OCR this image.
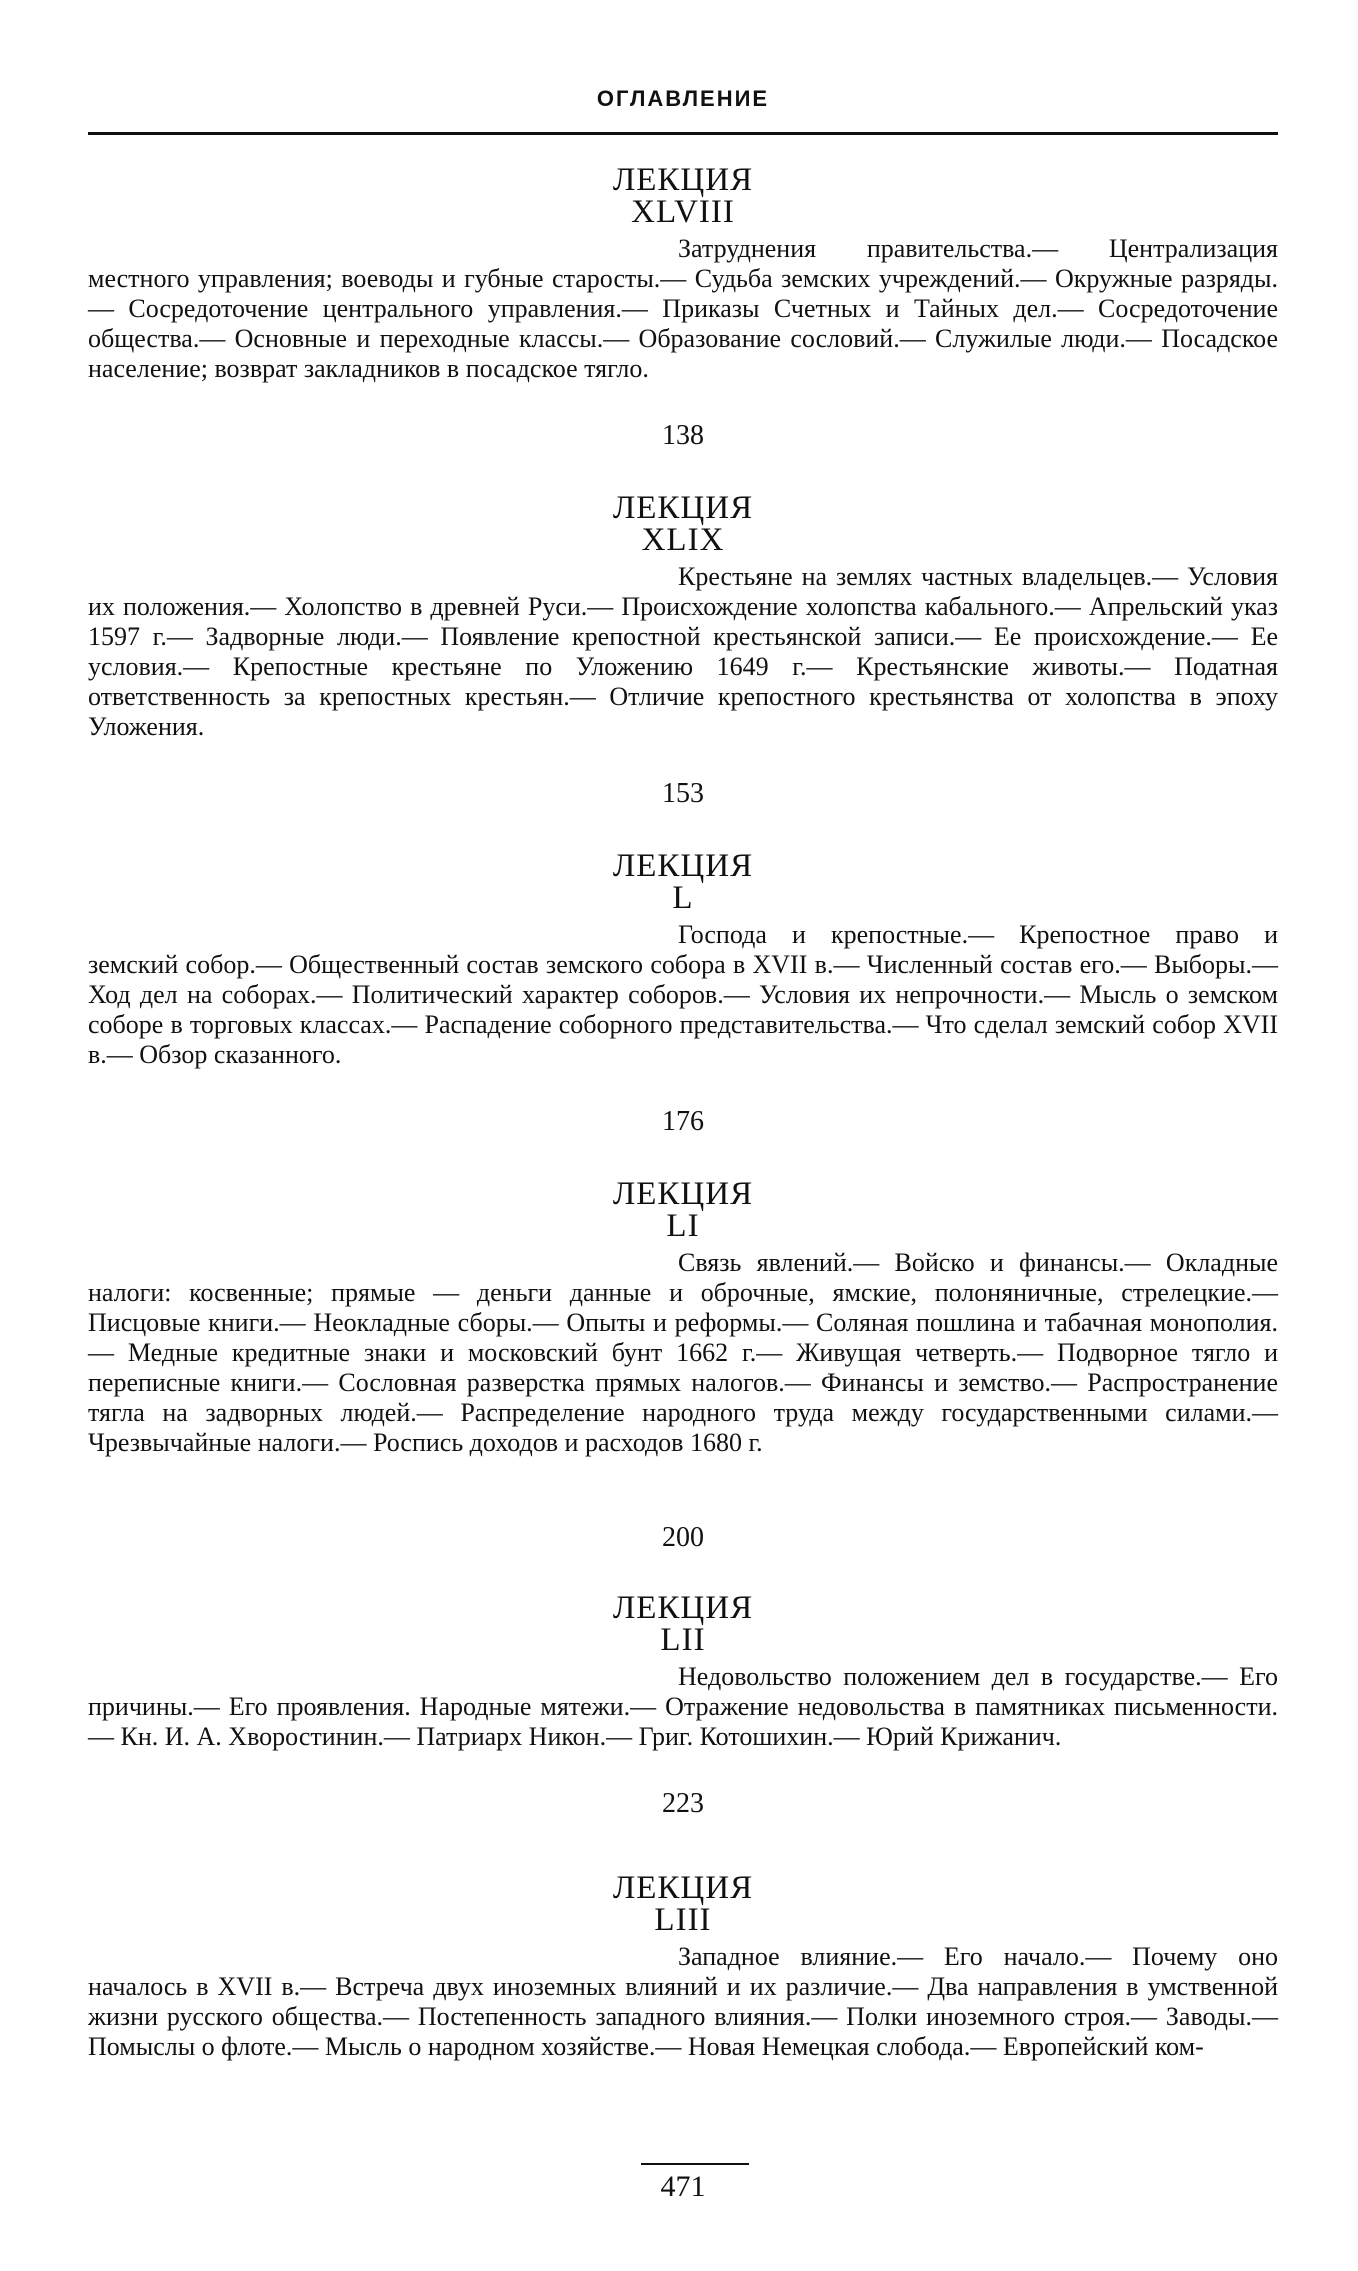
ОГЛАВЛЕНИЕ
ЛЕКЦИЯ
XLVIII
Затруднения правительства.— Централизация местного управления; воеводы и губные старосты.— Судьба земских учреждений.— Окружные разряды.— Сосредоточение центрального управления.— Приказы Счетных и Тайных дел.— Сосредоточение общества.— Основные и переходные классы.— Образование сословий.— Служилые люди.— Посадское население; возврат закладников в посадское тягло.
138
ЛЕКЦИЯ
XLIX
Крестьяне на землях частных владельцев.— Условия их положения.— Холопство в древней Руси.— Происхождение холопства кабального.— Апрельский указ 1597 г.— Задворные люди.— Появление крепостной крестьянской записи.— Ее происхождение.— Ее условия.— Крепостные крестьяне по Уложению 1649 г.— Крестьянские животы.— Податная ответственность за крепостных крестьян.— Отличие крепостного крестьянства от холопства в эпоху Уложения.
153
ЛЕКЦИЯ
L
Господа и крепостные.— Крепостное право и земский собор.— Общественный состав земского собора в XVII в.— Численный состав его.— Выборы.— Ход дел на соборах.— Политический характер соборов.— Условия их непрочности.— Мысль о земском соборе в торговых классах.— Распадение соборного представительства.— Что сделал земский собор XVII в.— Обзор сказанного.
176
ЛЕКЦИЯ
LI
Связь явлений.— Войско и финансы.— Окладные налоги: косвенные; прямые — деньги данные и оброчные, ямские, полоняничные, стрелецкие.— Писцовые книги.— Неокладные сборы.— Опыты и реформы.— Соляная пошлина и табачная монополия.— Медные кредитные знаки и московский бунт 1662 г.— Живущая четверть.— Подворное тягло и переписные книги.— Сословная разверстка прямых налогов.— Финансы и земство.— Распространение тягла на задворных людей.— Распределение народного труда между государственными силами.— Чрезвычайные налоги.— Роспись доходов и расходов 1680 г.
200
ЛЕКЦИЯ
LII
Недовольство положением дел в государстве.— Его причины.— Его проявления. Народные мятежи.— Отражение недовольства в памятниках письменности.— Кн. И. А. Хворостинин.— Патриарх Никон.— Григ. Котошихин.— Юрий Крижанич.
223
ЛЕКЦИЯ
LIII
Западное влияние.— Его начало.— Почему оно началось в XVII в.— Встреча двух иноземных влияний и их различие.— Два направления в умственной жизни русского общества.— Постепенность западного влияния.— Полки иноземного строя.— Заводы.— Помыслы о флоте.— Мысль о народном хозяйстве.— Новая Немецкая слобода.— Европейский ком-
471
